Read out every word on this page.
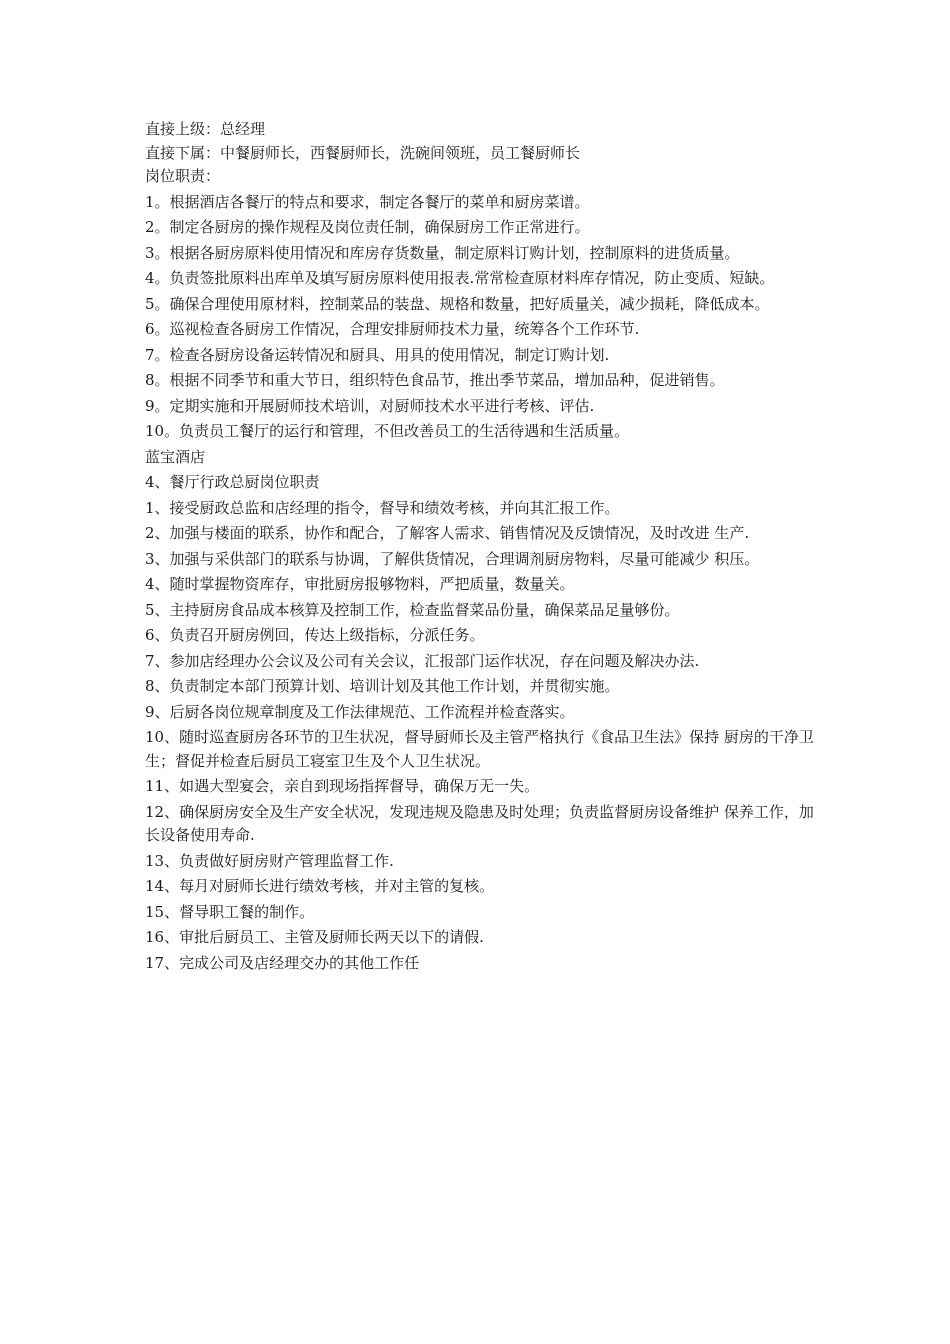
直接上级：总经理

直接下属：中餐厨师长，西餐厨师长，洗碗间领班，员工餐厨师长

岗位职责：

1。根据酒店各餐厅的特点和要求，制定各餐厅的菜单和厨房菜谱。

2。制定各厨房的操作规程及岗位责任制，确保厨房工作正常进行。

3。根据各厨房原料使用情况和库房存货数量，制定原料订购计划，控制原料的进货质量。

4。负责签批原料出库单及填写厨房原料使用报表.常常检查原材料库存情况，防止变质、短缺。

5。确保合理使用原材料，控制菜品的装盘、规格和数量，把好质量关，减少损耗，降低成本。

6。巡视检查各厨房工作情况，合理安排厨师技术力量，统筹各个工作环节.

7。检查各厨房设备运转情况和厨具、用具的使用情况，制定订购计划.

8。根据不同季节和重大节日，组织特色食品节，推出季节菜品，增加品种，促进销售。

9。定期实施和开展厨师技术培训，对厨师技术水平进行考核、评估.

10。负责员工餐厅的运行和管理，不但改善员工的生活待遇和生活质量。

蓝宝酒店

4、餐厅行政总厨岗位职责

1、接受厨政总监和店经理的指令，督导和绩效考核，并向其汇报工作。

2、加强与楼面的联系，协作和配合，了解客人需求、销售情况及反馈情况，及时改进 生产.

3、加强与采供部门的联系与协调，了解供货情况，合理调剂厨房物料，尽量可能减少 积压。

4、随时掌握物资库存，审批厨房报够物料，严把质量，数量关。

5、主持厨房食品成本核算及控制工作，检查监督菜品份量，确保菜品足量够份。

6、负责召开厨房例回，传达上级指标，分派任务。

7、参加店经理办公会议及公司有关会议，汇报部门运作状况，存在问题及解决办法.

8、负责制定本部门预算计划、培训计划及其他工作计划，并贯彻实施。

9、后厨各岗位规章制度及工作法律规范、工作流程并检查落实。

10、随时巡查厨房各环节的卫生状况，督导厨师长及主管严格执行《食品卫生法》保持 厨房的干净卫生；督促并检查后厨员工寝室卫生及个人卫生状况。

11、如遇大型宴会，亲自到现场指挥督导，确保万无一失。

12、确保厨房安全及生产安全状况，发现违规及隐患及时处理；负责监督厨房设备维护 保养工作，加长设备使用寿命.

13、负责做好厨房财产管理监督工作.

14、每月对厨师长进行绩效考核，并对主管的复核。

15、督导职工餐的制作。

16、审批后厨员工、主管及厨师长两天以下的请假.

17、完成公司及店经理交办的其他工作任
